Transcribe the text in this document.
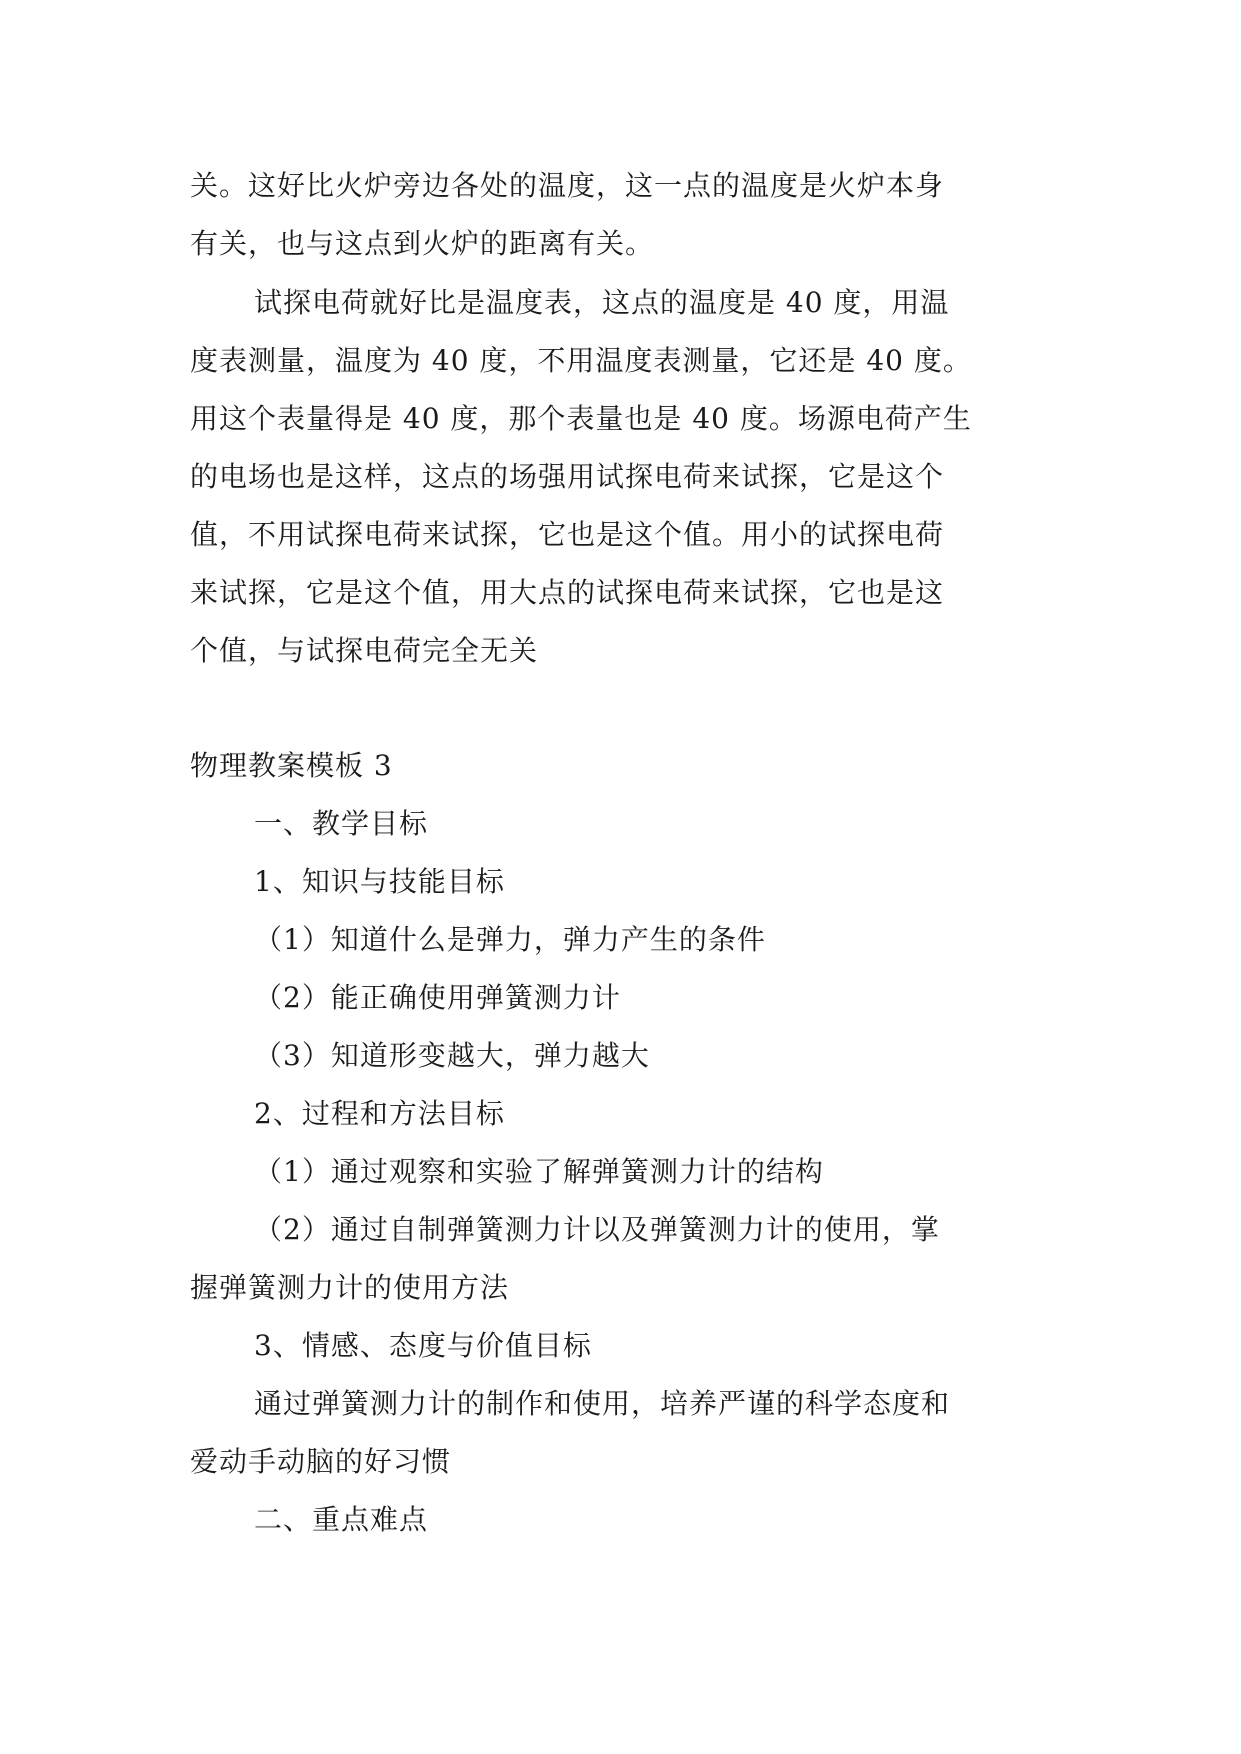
关。这好比火炉旁边各处的温度，这一点的温度是火炉本身
有关，也与这点到火炉的距离有关。
试探电荷就好比是温度表，这点的温度是 40 度，用温
度表测量，温度为 40 度，不用温度表测量，它还是 40 度。
用这个表量得是 40 度，那个表量也是 40 度。场源电荷产生
的电场也是这样，这点的场强用试探电荷来试探，它是这个
值，不用试探电荷来试探，它也是这个值。用小的试探电荷
来试探，它是这个值，用大点的试探电荷来试探，它也是这
个值，与试探电荷完全无关
物理教案模板 3
一、教学目标
1、知识与技能目标
（1）知道什么是弹力，弹力产生的条件
（2）能正确使用弹簧测力计
（3）知道形变越大，弹力越大
2、过程和方法目标
（1）通过观察和实验了解弹簧测力计的结构
（2）通过自制弹簧测力计以及弹簧测力计的使用，掌
握弹簧测力计的使用方法
3、情感、态度与价值目标
通过弹簧测力计的制作和使用，培养严谨的科学态度和
爱动手动脑的好习惯
二、重点难点
